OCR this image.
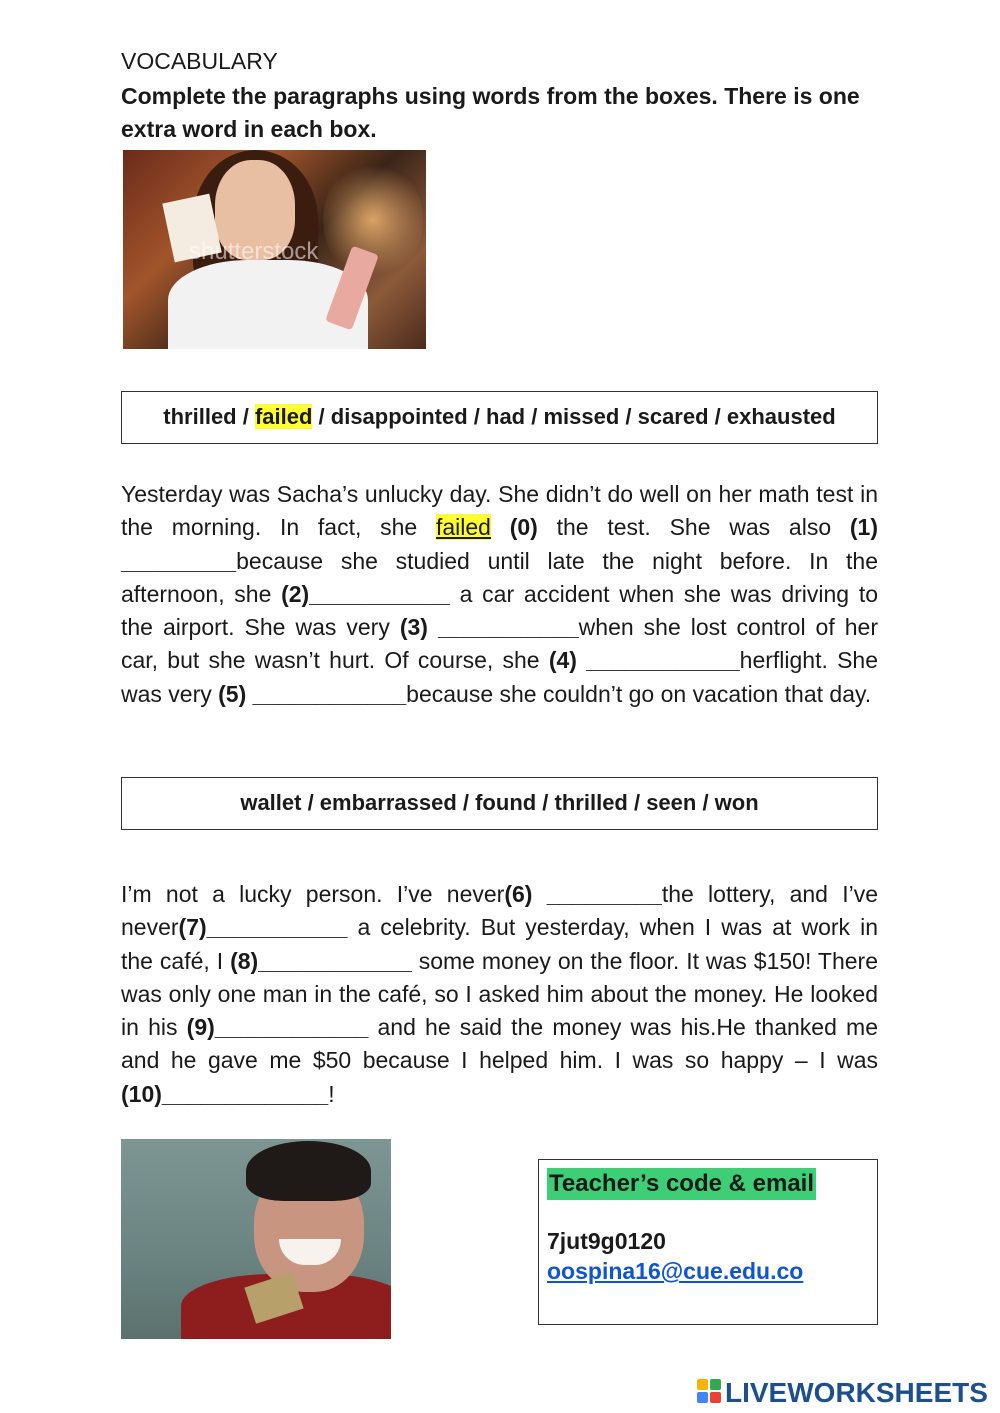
VOCABULARY
Complete the paragraphs using words from the boxes. There is one extra word in each box.
shutterstock
thrilled / failed / disappointed / had / missed / scared / exhausted
Yesterday was Sacha’s unlucky day. She didn’t do well on her math test in the morning. In fact, she failed (0) the test. She was also (1) _________because she studied until late the night before. In the afternoon, she (2)___________ a car accident when she was driving to the airport. She was very (3) ___________when she lost control of her car, but she wasn’t hurt. Of course, she (4) ____________herflight. She was very (5) ____________because she couldn’t go on vacation that day.
wallet / embarrassed / found / thrilled / seen / won
I’m not a lucky person. I’ve never(6) _________the lottery, and I’ve never(7)___________ a celebrity. But yesterday, when I was at work in the café, I (8)____________ some money on the floor. It was $150! There was only one man in the café, so I asked him about the money. He looked in his (9)____________ and he said the money was his.He thanked me and he gave me $50 because I helped him. I was so happy – I was (10)_____________!
Teacher’s code & email
7jut9g0120
oospina16@cue.edu.co
LIVEWORKSHEETS
